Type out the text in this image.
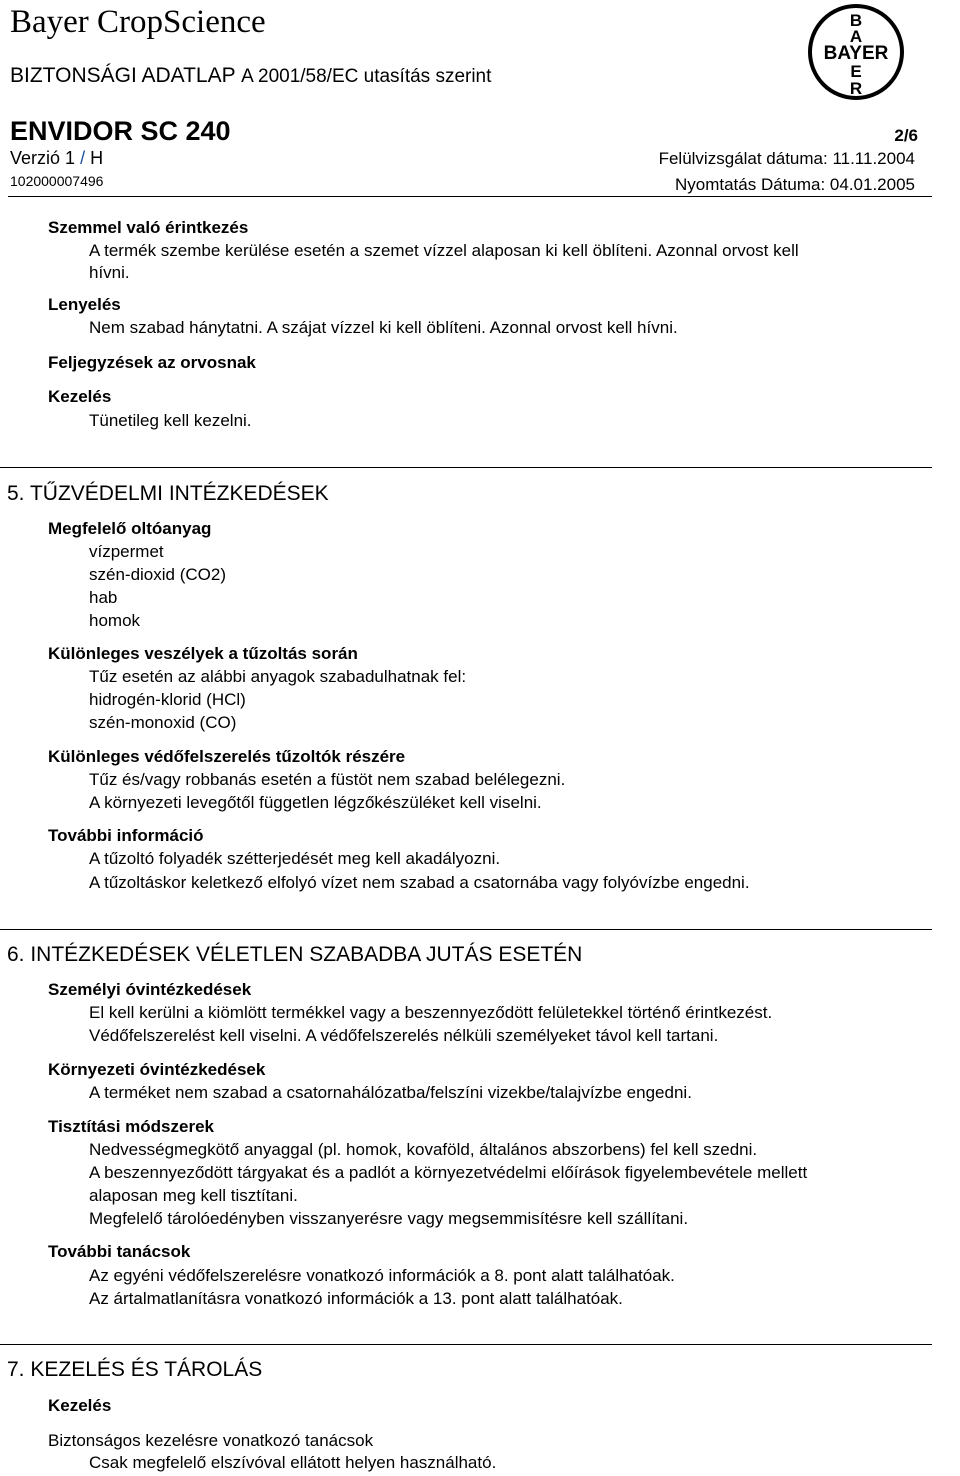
Bayer CropScience
BIZTONSÁGI ADATLAP A 2001/58/EC utasítás szerint
B
A
BAYER
E
R
ENVIDOR SC 240	2/6
Verzió 1 / H
102000007496
Felülvizsgálat dátuma: 11.11.2004
Nyomtatás Dátuma: 04.01.2005
Szemmel való érintkezés
A termék szembe kerülése esetén a szemet vízzel alaposan ki kell öblíteni. Azonnal orvost kell
hívni.
Lenyelés
Nem szabad hánytatni. A szájat vízzel ki kell öblíteni. Azonnal orvost kell hívni.
Feljegyzések az orvosnak
Kezelés
Tünetileg kell kezelni.
5. TŰZVÉDELMI INTÉZKEDÉSEK
Megfelelő oltóanyag
vízpermet
szén-dioxid (CO2)
hab
homok
Különleges veszélyek a tűzoltás során
Tűz esetén az alábbi anyagok szabadulhatnak fel:
hidrogén-klorid (HCl)
szén-monoxid (CO)
Különleges védőfelszerelés tűzoltók részére
Tűz és/vagy robbanás esetén a füstöt nem szabad belélegezni.
A környezeti levegőtől független légzőkészüléket kell viselni.
További információ
A tűzoltó folyadék szétterjedését meg kell akadályozni.
A tűzoltáskor keletkező elfolyó vízet nem szabad a csatornába vagy folyóvízbe engedni.
6. INTÉZKEDÉSEK VÉLETLEN SZABADBA JUTÁS ESETÉN
Személyi óvintézkedések
El kell kerülni a kiömlött termékkel vagy a beszennyeződött felületekkel történő érintkezést.
Védőfelszerelést kell viselni. A védőfelszerelés nélküli személyeket távol kell tartani.
Környezeti óvintézkedések
A terméket nem szabad a csatornahálózatba/felszíni vizekbe/talajvízbe engedni.
Tisztítási módszerek
Nedvességmegkötő anyaggal (pl. homok, kovaföld, általános abszorbens) fel kell szedni.
A beszennyeződött tárgyakat és a padlót a környezetvédelmi előírások figyelembevétele mellett
alaposan meg kell tisztítani.
Megfelelő tárolóedényben visszanyerésre vagy megsemmisítésre kell szállítani.
További tanácsok
Az egyéni védőfelszerelésre vonatkozó információk a 8. pont alatt találhatóak.
Az ártalmatlanításra vonatkozó információk a 13. pont alatt találhatóak.
7. KEZELÉS ÉS TÁROLÁS
Kezelés
Biztonságos kezelésre vonatkozó tanácsok
Csak megfelelő elszívóval ellátott helyen használható.
